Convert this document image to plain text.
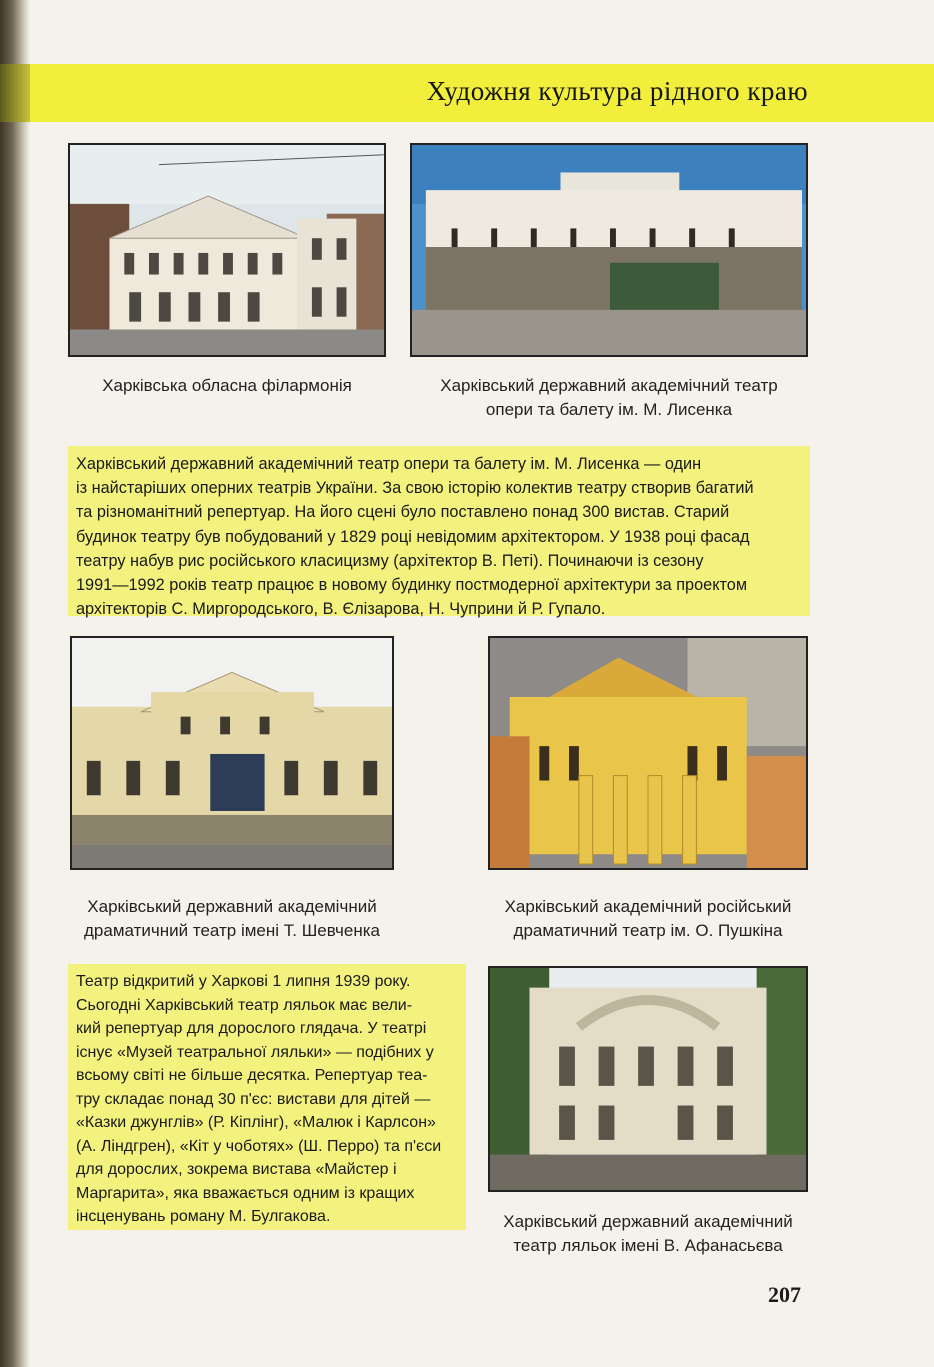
Художня культура рідного краю
Харківська обласна філармонія	Харківський державний академічний театр
опери та балету ім. М. Лисенка
Харківський державний академічний театр опери та балету ім. М. Лисенка — один
із найстаріших оперних театрів України. За свою історію колектив театру створив багатий
та різноманітний репертуар. На його сцені було поставлено понад 300 вистав. Старий
будинок театру був побудований у 1829 році невідомим архітектором. У 1938 році фасад
театру набув рис російського класицизму (архітектор В. Петі). Починаючи із сезону
1991—1992 років театр працює в новому будинку постмодерної архітектури за проектом
архітекторів С. Миргородського, В. Єлізарова, Н. Чуприни й Р. Гупало.
Харківський державний академічний
драматичний театр імені Т. Шевченка
Харківський академічний російський
драматичний театр ім. О. Пушкіна
Театр відкритий у Харкові 1 липня 1939 року.
Сьогодні Харківський театр ляльок має вели-
кий репертуар для дорослого глядача. У театрі
існує «Музей театральної ляльки» — подібних у
всьому світі не більше десятка. Репертуар теа-
тру складає понад 30 п'єс: вистави для дітей —
«Казки джунглів» (Р. Кіплінг), «Малюк і Карлсон»
(А. Ліндгрен), «Кіт у чоботях» (Ш. Перро) та п'єси
для дорослих, зокрема вистава «Майстер і
Маргарита», яка вважається одним із кращих
інсценувань роману М. Булгакова.	Харківський державний академічний
театр ляльок імені В. Афанасьєва
207
